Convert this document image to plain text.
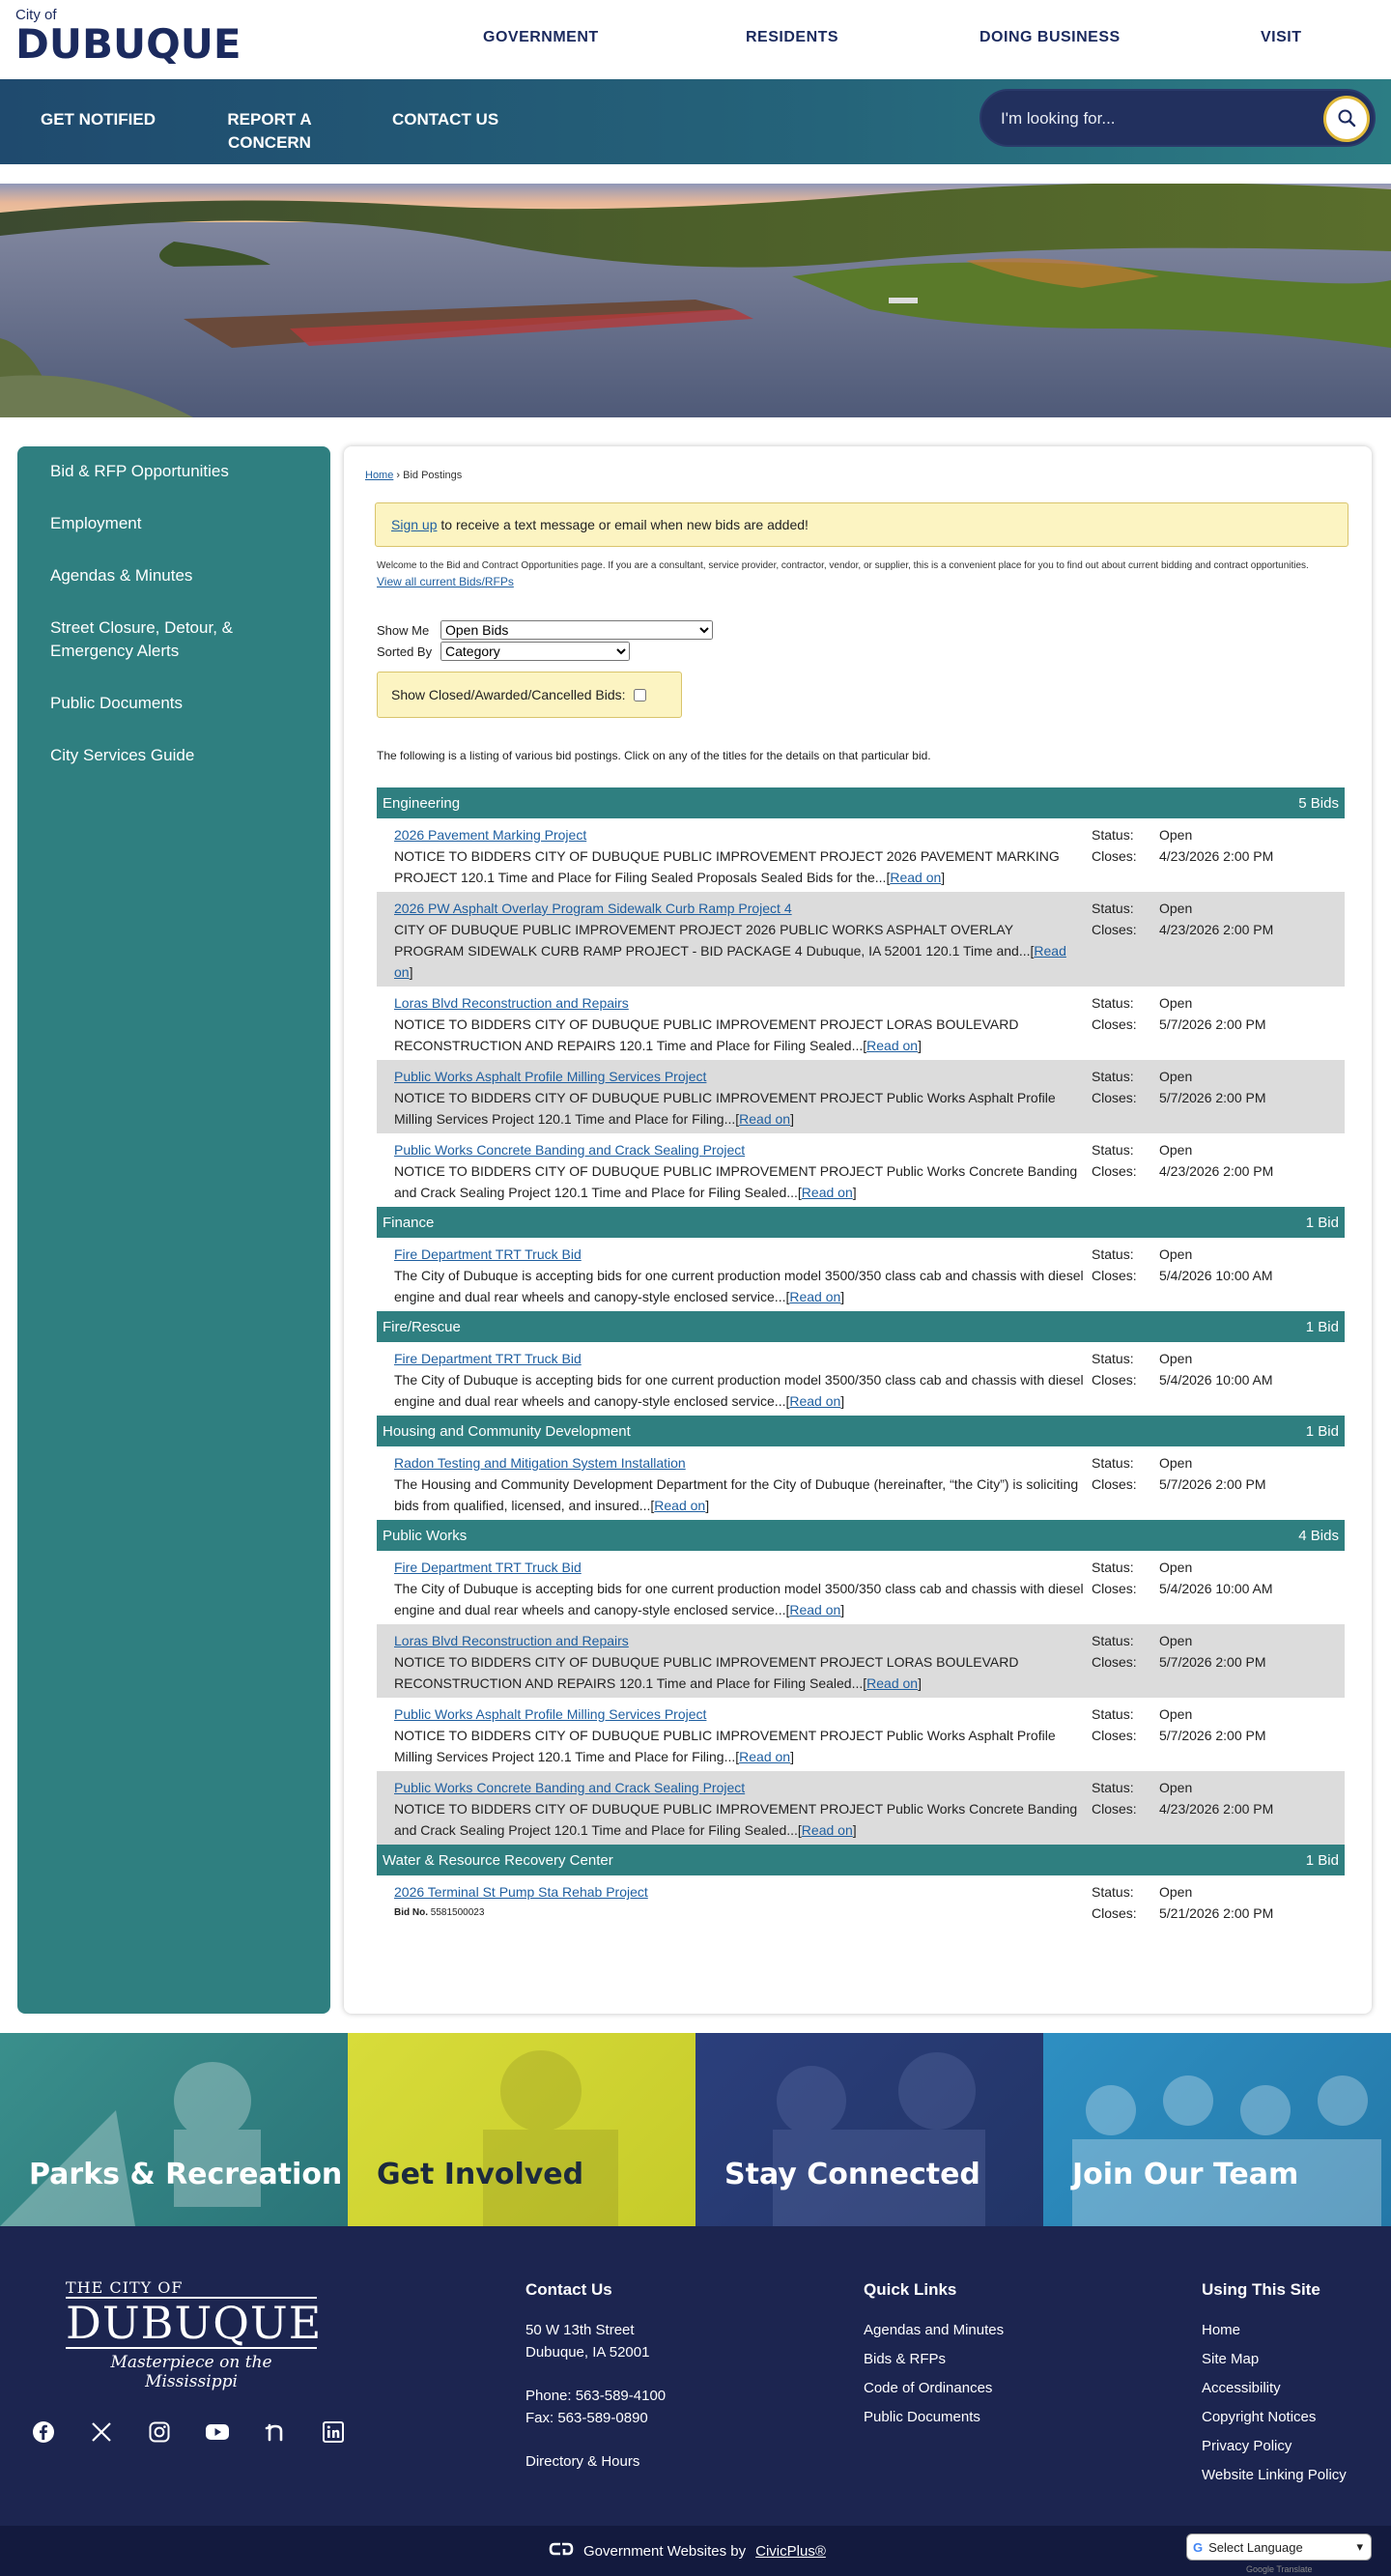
City of
DUBUQUE	GOVERNMENT	RESIDENTS	DOING BUSINESS	VISIT
GET NOTIFIED	REPORT A
CONCERN
CONTACT US
I'm looking for...
Bid & RFP Opportunities
Employment
Agendas & Minutes
Street Closure, Detour, & Emergency Alerts
Public Documents
City Services Guide
Home › Bid Postings
Sign up to receive a text message or email when new bids are added!

Welcome to the Bid and Contract Opportunities page. If you are a consultant, service provider, contractor, vendor, or supplier, this is a convenient place for you to find out about current bidding and contract opportunities.

View all current Bids/RFPs
Show Me
Open Bids
Sorted By
Category
Show Closed/Awarded/Cancelled Bids:

The following is a listing of various bid postings. Click on any of the titles for the details on that particular bid.

Engineering	5 Bids
2026 Pavement Marking Project
NOTICE TO BIDDERS CITY OF DUBUQUE PUBLIC IMPROVEMENT PROJECT 2026 PAVEMENT MARKING PROJECT 120.1 Time and Place for Filing Sealed Proposals Sealed Bids for the...[Read on]
Status: Open
Closes: 4/23/2026 2:00 PM
2026 PW Asphalt Overlay Program Sidewalk Curb Ramp Project 4
CITY OF DUBUQUE PUBLIC IMPROVEMENT PROJECT 2026 PUBLIC WORKS ASPHALT OVERLAY PROGRAM SIDEWALK CURB RAMP PROJECT - BID PACKAGE 4 Dubuque, IA 52001 120.1 Time and...[Read on]
Status: Open
Closes: 4/23/2026 2:00 PM
Loras Blvd Reconstruction and Repairs
NOTICE TO BIDDERS CITY OF DUBUQUE PUBLIC IMPROVEMENT PROJECT LORAS BOULEVARD RECONSTRUCTION AND REPAIRS 120.1 Time and Place for Filing Sealed...[Read on]
Status: Open
Closes: 5/7/2026 2:00 PM
Public Works Asphalt Profile Milling Services Project
NOTICE TO BIDDERS CITY OF DUBUQUE PUBLIC IMPROVEMENT PROJECT Public Works Asphalt Profile Milling Services Project 120.1 Time and Place for Filing...[Read on]
Status: Open
Closes: 5/7/2026 2:00 PM
Public Works Concrete Banding and Crack Sealing Project
NOTICE TO BIDDERS CITY OF DUBUQUE PUBLIC IMPROVEMENT PROJECT Public Works Concrete Banding and Crack Sealing Project 120.1 Time and Place for Filing Sealed...[Read on]
Status: Open
Closes: 4/23/2026 2:00 PM
Finance	1 Bid
Fire Department TRT Truck Bid
The City of Dubuque is accepting bids for one current production model 3500/350 class cab and chassis with diesel engine and dual rear wheels and canopy-style enclosed service...[Read on]
Status: Open
Closes: 5/4/2026 10:00 AM
Fire/Rescue	1 Bid
Fire Department TRT Truck Bid
The City of Dubuque is accepting bids for one current production model 3500/350 class cab and chassis with diesel engine and dual rear wheels and canopy-style enclosed service...[Read on]
Status: Open
Closes: 5/4/2026 10:00 AM
Housing and Community Development	1 Bid
Radon Testing and Mitigation System Installation
The Housing and Community Development Department for the City of Dubuque (hereinafter, “the City”) is soliciting bids from qualified, licensed, and insured...[Read on]
Status: Open
Closes: 5/7/2026 2:00 PM
Public Works	4 Bids
Fire Department TRT Truck Bid
The City of Dubuque is accepting bids for one current production model 3500/350 class cab and chassis with diesel engine and dual rear wheels and canopy-style enclosed service...[Read on]
Status: Open
Closes: 5/4/2026 10:00 AM
Loras Blvd Reconstruction and Repairs
NOTICE TO BIDDERS CITY OF DUBUQUE PUBLIC IMPROVEMENT PROJECT LORAS BOULEVARD RECONSTRUCTION AND REPAIRS 120.1 Time and Place for Filing Sealed...[Read on]
Status: Open
Closes: 5/7/2026 2:00 PM
Public Works Asphalt Profile Milling Services Project
NOTICE TO BIDDERS CITY OF DUBUQUE PUBLIC IMPROVEMENT PROJECT Public Works Asphalt Profile Milling Services Project 120.1 Time and Place for Filing...[Read on]
Status: Open
Closes: 5/7/2026 2:00 PM
Public Works Concrete Banding and Crack Sealing Project
NOTICE TO BIDDERS CITY OF DUBUQUE PUBLIC IMPROVEMENT PROJECT Public Works Concrete Banding and Crack Sealing Project 120.1 Time and Place for Filing Sealed...[Read on]
Status: Open
Closes: 4/23/2026 2:00 PM
Water & Resource Recovery Center	1 Bid
2026 Terminal St Pump Sta Rehab Project
Bid No. 5581500023
Status: Open
Closes: 5/21/2026 2:00 PM
Parks & Recreation Get Involved	Stay Connected	Join Our Team
THE CITY OF
DUBUQUE
Masterpiece on the Mississippi
Contact Us

50 W 13th Street

Dubuque, IA 52001

Phone: 563-589-4100

Fax: 563-589-0890

Directory & Hours
Quick Links
Agendas and Minutes
Bids & RFPs
Code of Ordinances
Public Documents
Using This Site
Home
Site Map
Accessibility
Copyright Notices
Privacy Policy
Website Linking Policy
Government Websites by CivicPlus®	G Select Language	▾
Google Translate
